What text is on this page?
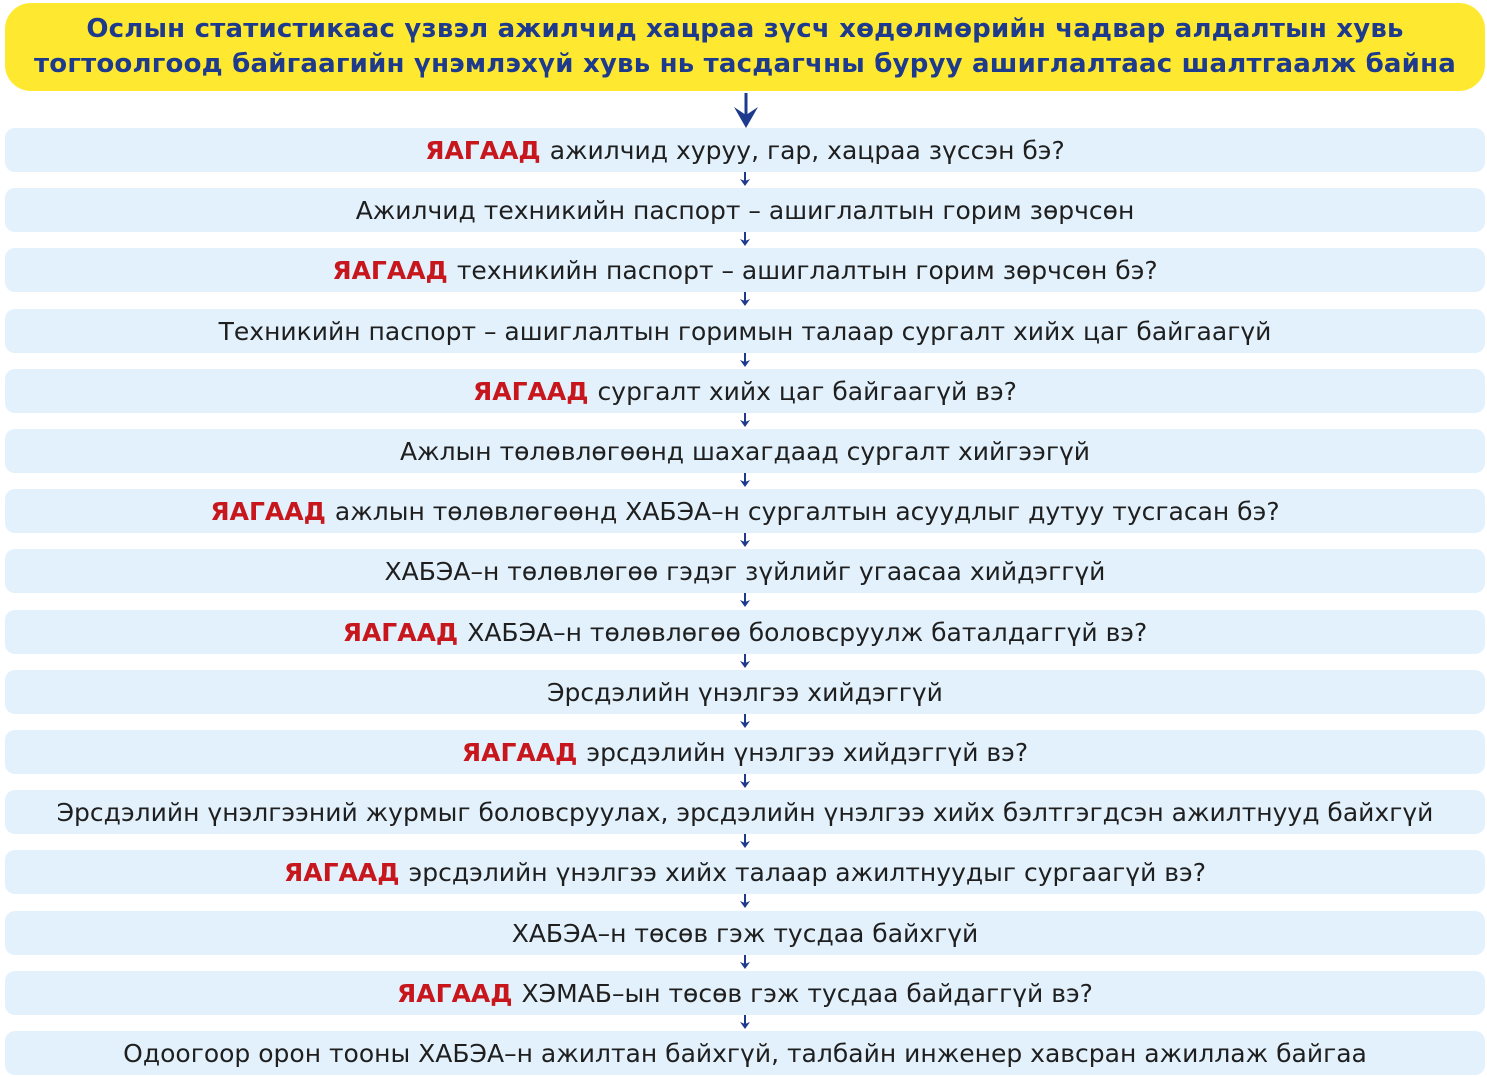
Ослын статистикаас үзвэл ажилчид хацраа зүсч хөдөлмөрийн чадвар алдалтын хувь
тогтоолгоод байгаагийн үнэмлэхүй хувь нь тасдагчны буруу ашиглалтаас шалтгаалж байна
ЯАГААД ажилчид хуруу, гар, хацраа зүссэн бэ?
Ажилчид техникийн паспорт – ашиглалтын горим зөрчсөн
ЯАГААД техникийн паспорт – ашиглалтын горим зөрчсөн бэ?
Техникийн паспорт – ашиглалтын горимын талаар сургалт хийх цаг байгаагүй
ЯАГААД сургалт хийх цаг байгаагүй вэ?
Ажлын төлөвлөгөөнд шахагдаад сургалт хийгээгүй
ЯАГААД ажлын төлөвлөгөөнд ХАБЭА–н сургалтын асуудлыг дутуу тусгасан бэ?
ХАБЭА–н төлөвлөгөө гэдэг зүйлийг угаасаа хийдэггүй
ЯАГААД ХАБЭА–н төлөвлөгөө боловсруулж баталдаггүй вэ?
Эрсдэлийн үнэлгээ хийдэггүй
ЯАГААД эрсдэлийн үнэлгээ хийдэггүй вэ?
Эрсдэлийн үнэлгээний журмыг боловсруулах, эрсдэлийн үнэлгээ хийх бэлтгэгдсэн ажилтнууд байхгүй
ЯАГААД эрсдэлийн үнэлгээ хийх талаар ажилтнуудыг сургаагүй вэ?
ХАБЭА–н төсөв гэж тусдаа байхгүй
ЯАГААД ХЭМАБ–ын төсөв гэж тусдаа байдаггүй вэ?
Одоогоор орон тооны ХАБЭА–н ажилтан байхгүй, талбайн инженер хавсран ажиллаж байгаа
